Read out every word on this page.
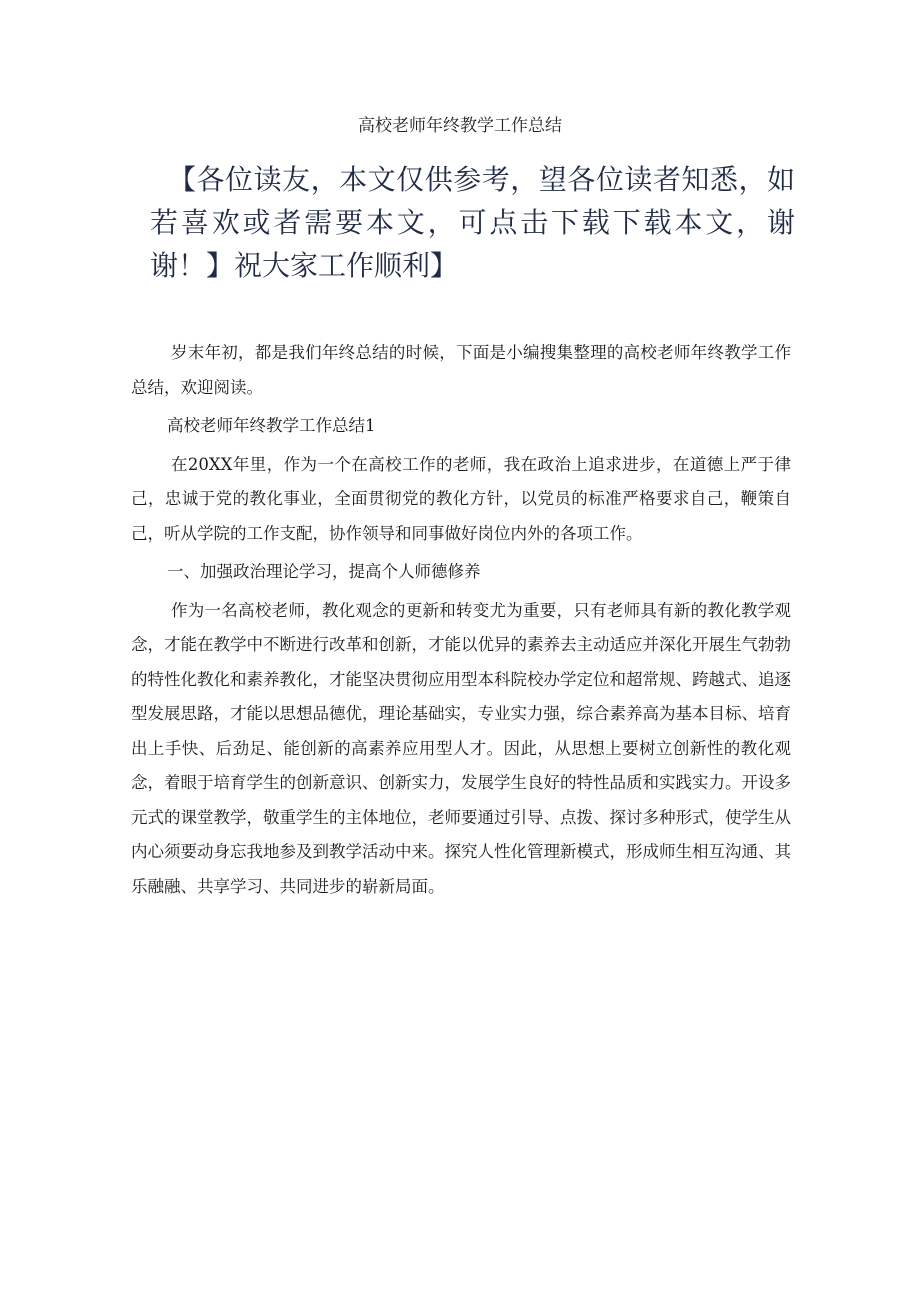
高校老师年终教学工作总结

【各位读友，本文仅供参考，望各位读者知悉，如若喜欢或者需要本文，可点击下载下载本文，谢谢！】祝大家工作顺利】

岁末年初，都是我们年终总结的时候，下面是小编搜集整理的高校老师年终教学工作总结，欢迎阅读。

高校老师年终教学工作总结1

在20XX年里，作为一个在高校工作的老师，我在政治上追求进步，在道德上严于律己，忠诚于党的教化事业，全面贯彻党的教化方针，以党员的标准严格要求自己，鞭策自己，听从学院的工作支配，协作领导和同事做好岗位内外的各项工作。

一、加强政治理论学习，提高个人师德修养

作为一名高校老师，教化观念的更新和转变尤为重要，只有老师具有新的教化教学观念，才能在教学中不断进行改革和创新，才能以优异的素养去主动适应并深化开展生气勃勃的特性化教化和素养教化，才能坚决贯彻应用型本科院校办学定位和超常规、跨越式、追逐型发展思路，才能以思想品德优，理论基础实，专业实力强，综合素养高为基本目标、培育出上手快、后劲足、能创新的高素养应用型人才。因此，从思想上要树立创新性的教化观念，着眼于培育学生的创新意识、创新实力，发展学生良好的特性品质和实践实力。开设多元式的课堂教学，敬重学生的主体地位，老师要通过引导、点拨、探讨多种形式，使学生从内心须要动身忘我地参及到教学活动中来。探究人性化管理新模式，形成师生相互沟通、其乐融融、共享学习、共同进步的崭新局面。
